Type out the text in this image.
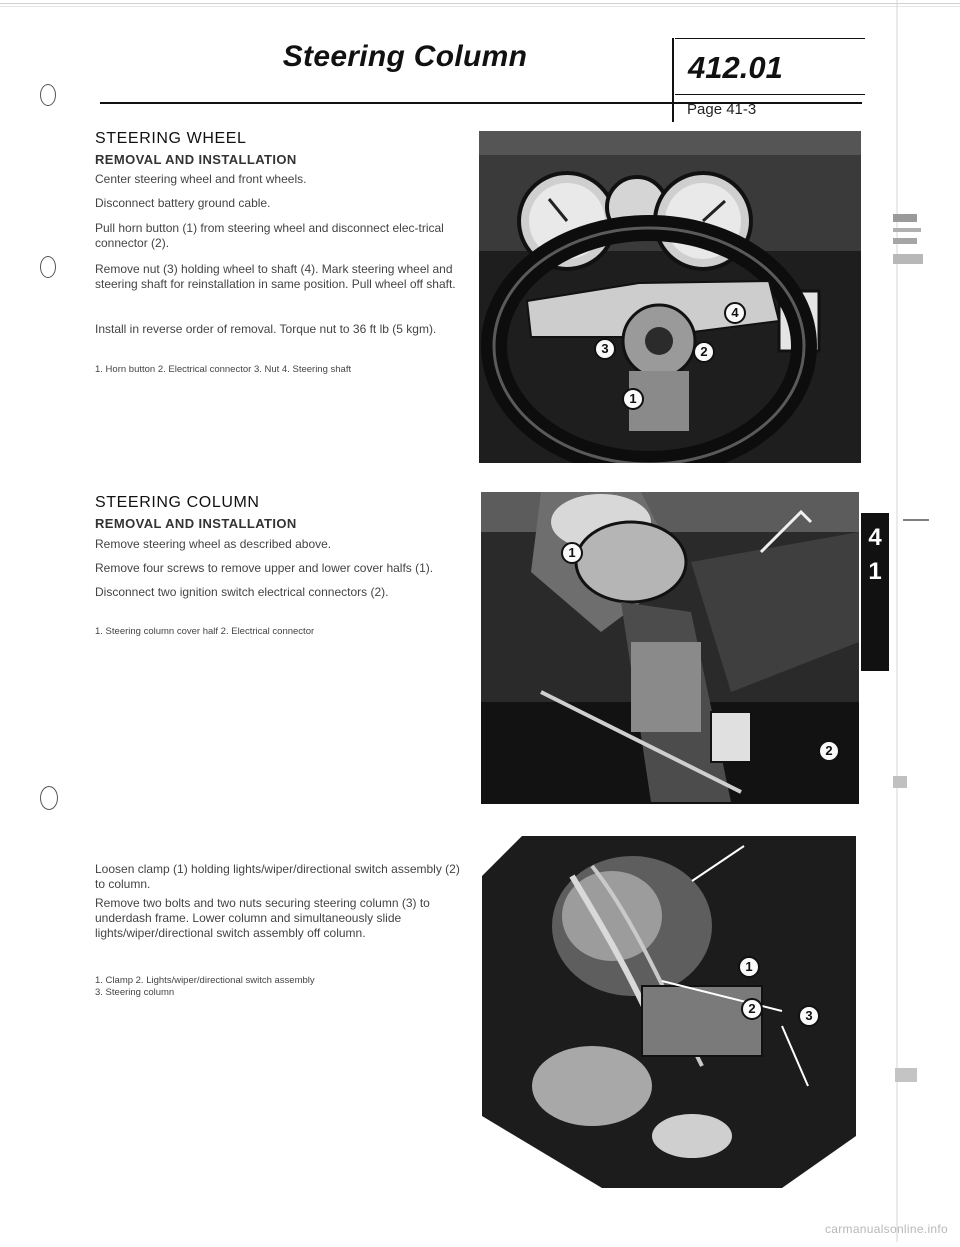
Steering Column	412.01
Page 41-3
STEERING WHEEL
REMOVAL AND INSTALLATION
Center steering wheel and front wheels.
Disconnect battery ground cable.
Pull horn button (1) from steering wheel and disconnect elec-trical connector (2).
Remove nut (3) holding wheel to shaft (4). Mark steering wheel and steering shaft for reinstallation in same position. Pull wheel off shaft.
Install in reverse order of removal. Torque nut to 36 ft lb (5 kgm).
1. Horn button 2. Electrical connector 3. Nut 4. Steering shaft
4
2
3
1
STEERING COLUMN
REMOVAL AND INSTALLATION
Remove steering wheel as described above.
Remove four screws to remove upper and lower cover halfs (1).
Disconnect two ignition switch electrical connectors (2).
1. Steering column cover half 2. Electrical connector
1
2
4
1
Loosen clamp (1) holding lights/wiper/directional switch assembly (2) to column.
Remove two bolts and two nuts securing steering column (3) to underdash frame. Lower column and simultaneously slide lights/wiper/directional switch assembly off column.
1. Clamp 2. Lights/wiper/directional switch assembly
3. Steering column
1
2	3
carmanualsonline.info
